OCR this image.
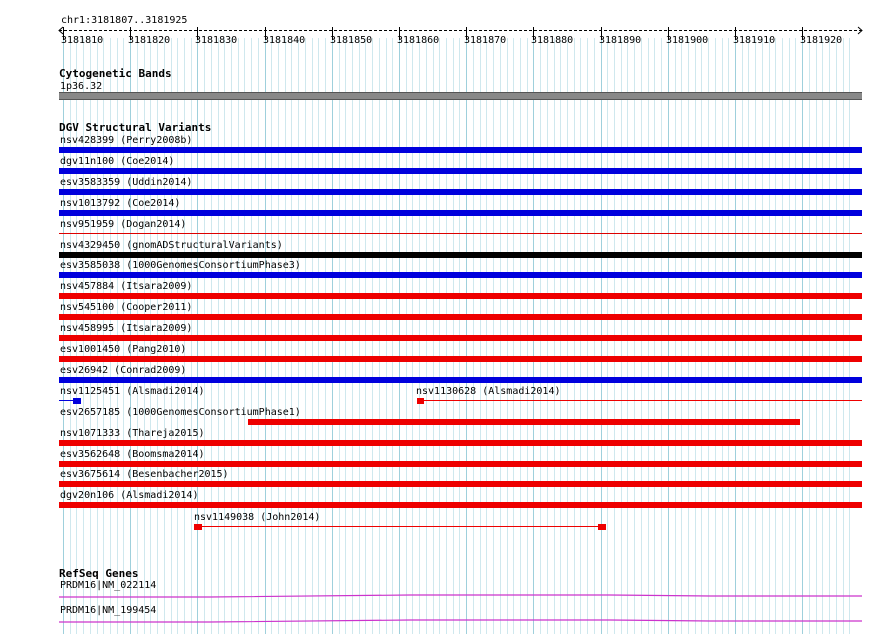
chr1:3181807..3181925
3181810 3181820 3181830	3181840 3181850 3181860 3181870 3181880	3181890 3181900 3181910 3181920
Cytogenetic Bands
1p36.32
DGV Structural Variants
nsv428399 (Perry2008b)
dgv11n100 (Coe2014)
esv3583359 (Uddin2014)
nsv1013792 (Coe2014)
nsv951959 (Dogan2014)
nsv4329450 (gnomADStructuralVariants)
esv3585038 (1000GenomesConsortiumPhase3)
nsv457884 (Itsara2009)
nsv545100 (Cooper2011)
nsv458995 (Itsara2009)
esv1001450 (Pang2010)
esv26942 (Conrad2009)
nsv1125451 (Alsmadi2014)	nsv1130628 (Alsmadi2014)
esv2657185 (1000GenomesConsortiumPhase1)
nsv1071333 (Thareja2015)
esv3562648 (Boomsma2014)
esv3675614 (Besenbacher2015)
dgv20n106 (Alsmadi2014)
nsv1149038 (John2014)
RefSeq Genes
PRDM16|NM_022114
PRDM16|NM_199454
